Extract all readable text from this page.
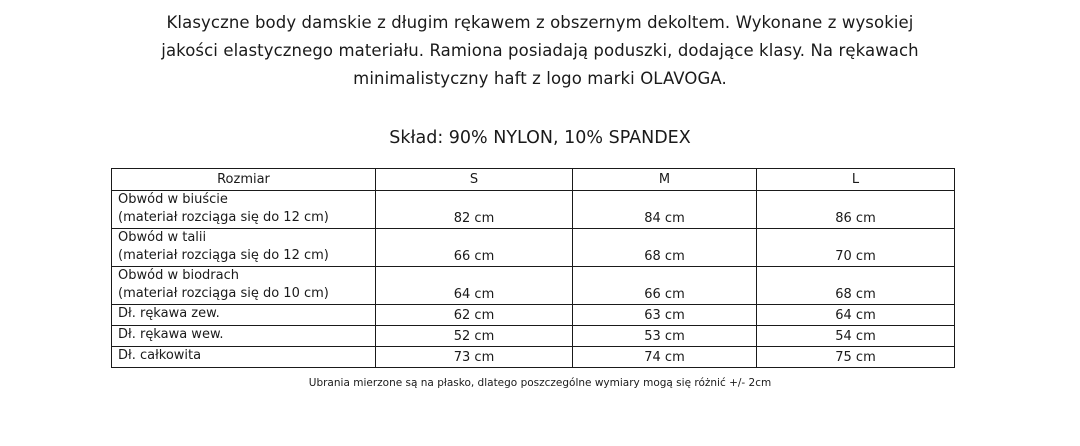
Klasyczne body damskie z długim rękawem z obszernym dekoltem. Wykonane z wysokiej
jakości elastycznego materiału. Ramiona posiadają poduszki, dodające klasy. Na rękawach
minimalistyczny haft z logo marki OLAVOGA.
Skład: 90% NYLON, 10% SPANDEX
Rozmiar	S	M	L

Obwód w biuście
(materiał rozciąga się do 12 cm)	82 cm	84 cm	86 cm

Obwód w talii
(materiał rozciąga się do 12 cm)	66 cm	68 cm	70 cm

Obwód w biodrach
(materiał rozciąga się do 10 cm)	64 cm	66 cm	68 cm
Dł. rękawa zew.	62 cm	63 cm	64 cm
Dł. rękawa wew.	52 cm	53 cm	54 cm
Dł. całkowita	73 cm	74 cm	75 cm
Ubrania mierzone są na płasko, dlatego poszczególne wymiary mogą się różnić +/- 2cm
